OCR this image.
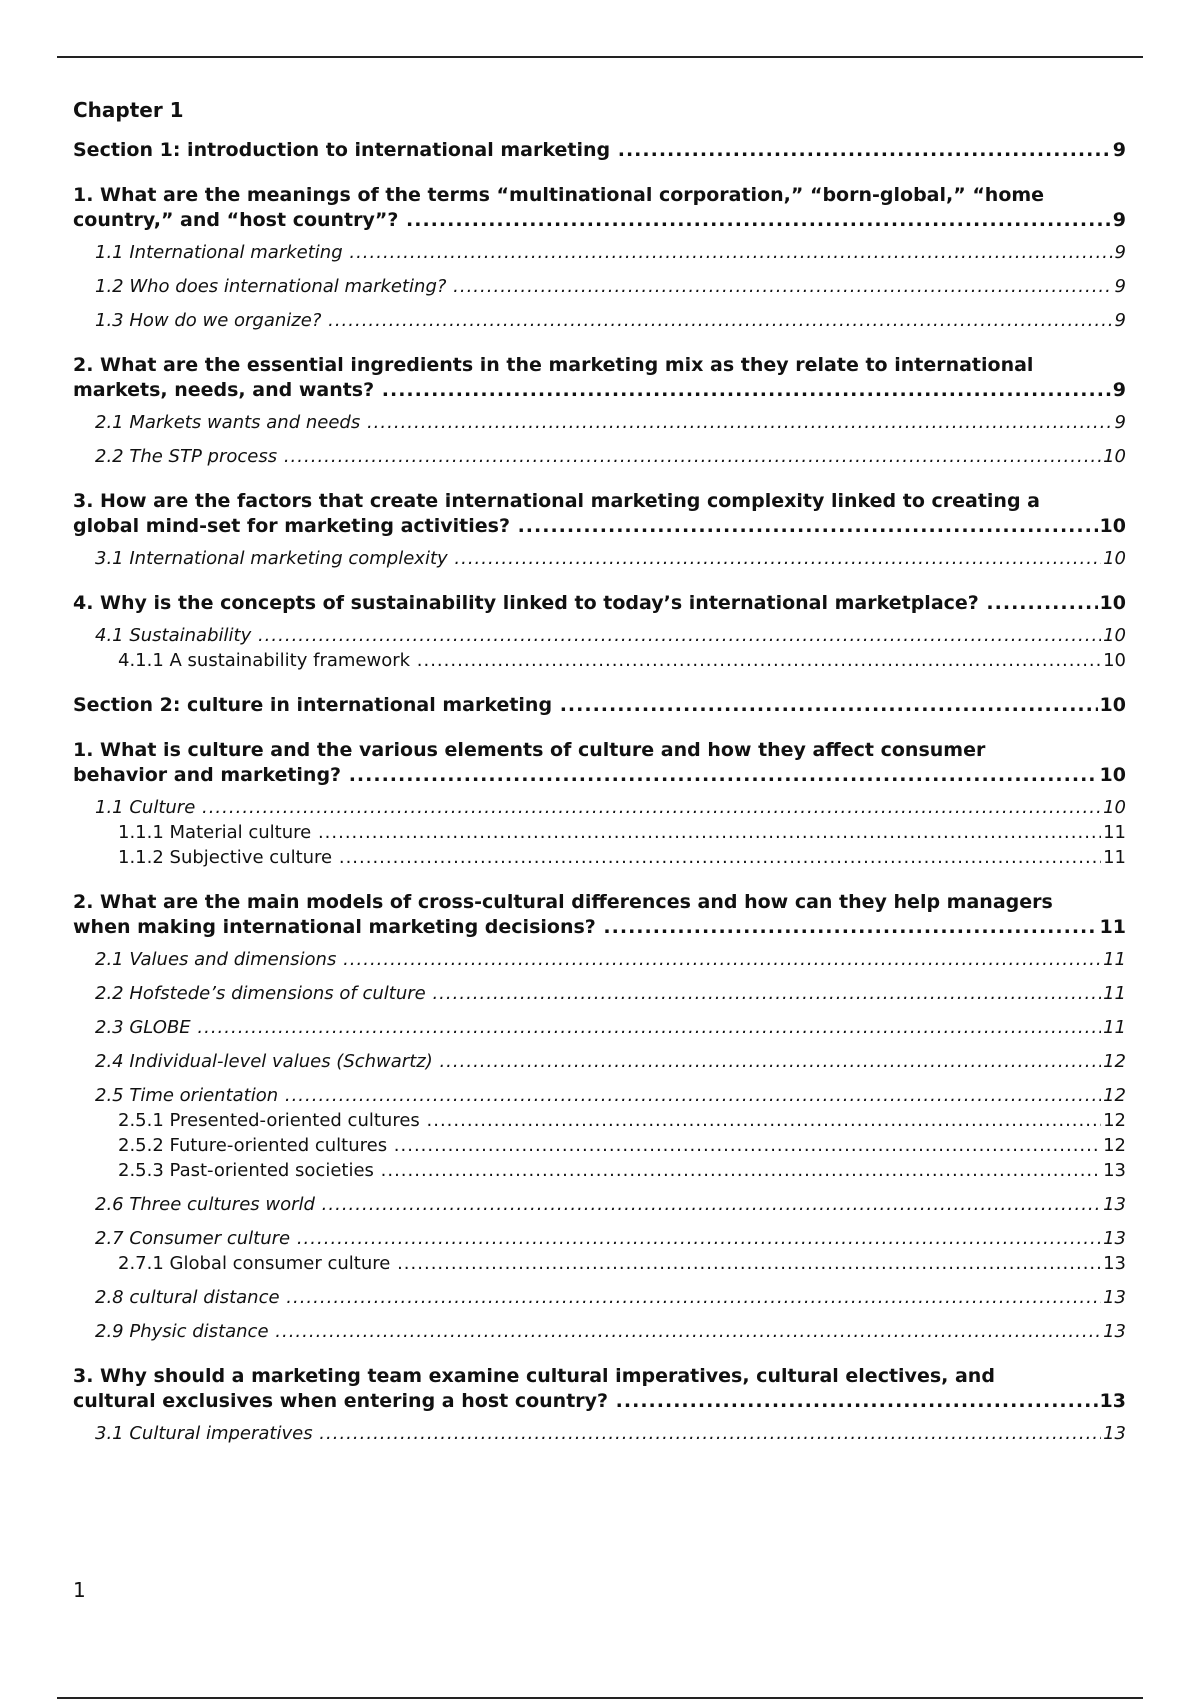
Chapter 1
Section 1: introduction to international marketing .....	9
1. What are the meanings of the terms “multinational corporation,” “born-global,” “home
country,” and “host country”? .....	9
1.1 International marketing .....	9
1.2 Who does international marketing? .....	9
1.3 How do we organize? .....	9
2. What are the essential ingredients in the marketing mix as they relate to international
markets, needs, and wants? .....	9
2.1 Markets wants and needs .....	9
2.2 The STP process .....	10
3. How are the factors that create international marketing complexity linked to creating a
global mind-set for marketing activities? .....	10
3.1 International marketing complexity .....	10
4. Why is the concepts of sustainability linked to today’s international marketplace? .....	10
4.1 Sustainability .....	10
4.1.1 A sustainability framework .....	10
Section 2: culture in international marketing .....	10
1. What is culture and the various elements of culture and how they affect consumer
behavior and marketing? .....	10
1.1 Culture .....	10
1.1.1 Material culture .....	11
1.1.2 Subjective culture .....	11
2. What are the main models of cross-cultural differences and how can they help managers
when making international marketing decisions? .....	11
2.1 Values and dimensions .....	11
2.2 Hofstede’s dimensions of culture .....	11
2.3 GLOBE .....	11
2.4 Individual-level values (Schwartz) .....	12
2.5 Time orientation .....	12
2.5.1 Presented-oriented cultures .....	12
2.5.2 Future-oriented cultures .....	12
2.5.3 Past-oriented societies .....	13
2.6 Three cultures world .....	13
2.7 Consumer culture .....	13
2.7.1 Global consumer culture .....	13
2.8 cultural distance .....	13
2.9 Physic distance .....	13
3. Why should a marketing team examine cultural imperatives, cultural electives, and
cultural exclusives when entering a host country? .....	13
3.1 Cultural imperatives .....	13
1
